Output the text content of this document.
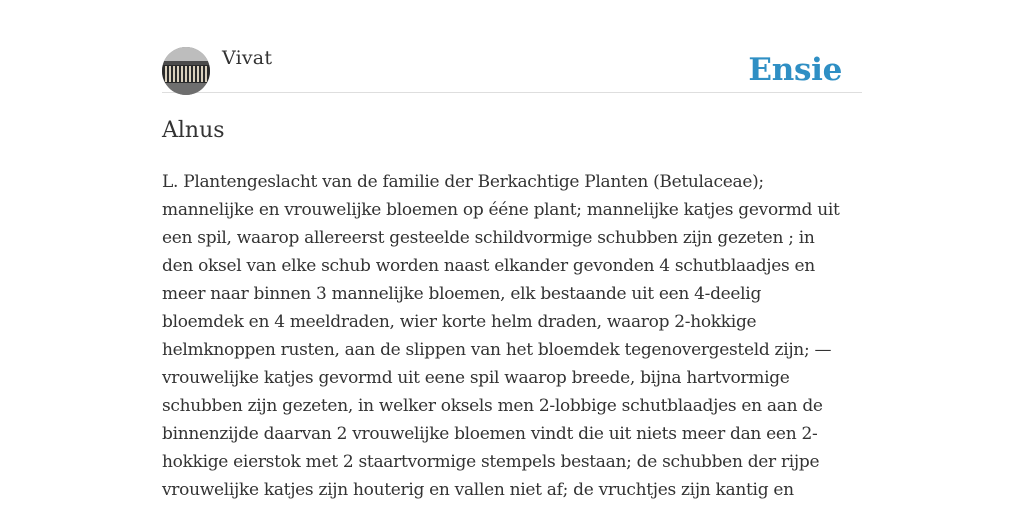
Vivat	Ensie
Alnus
L. Plantengeslacht van de familie der Berkachtige Planten (Betulaceae);
mannelijke en vrouwelijke bloemen op ééne plant; mannelijke katjes gevormd uit
een spil, waarop allereerst gesteelde schildvormige schubben zijn gezeten ; in
den oksel van elke schub worden naast elkander gevonden 4 schutblaadjes en
meer naar binnen 3 mannelijke bloemen, elk bestaande uit een 4-deelig
bloemdek en 4 meeldraden, wier korte helm draden, waarop 2-hokkige
helmknoppen rusten, aan de slippen van het bloemdek tegenovergesteld zijn; —
vrouwelijke katjes gevormd uit eene spil waarop breede, bijna hartvormige
schubben zijn gezeten, in welker oksels men 2-lobbige schutblaadjes en aan de
binnenzijde daarvan 2 vrouwelijke bloemen vindt die uit niets meer dan een 2-
hokkige eierstok met 2 staartvormige stempels bestaan; de schubben der rijpe
vrouwelijke katjes zijn houterig en vallen niet af; de vruchtjes zijn kantig en
